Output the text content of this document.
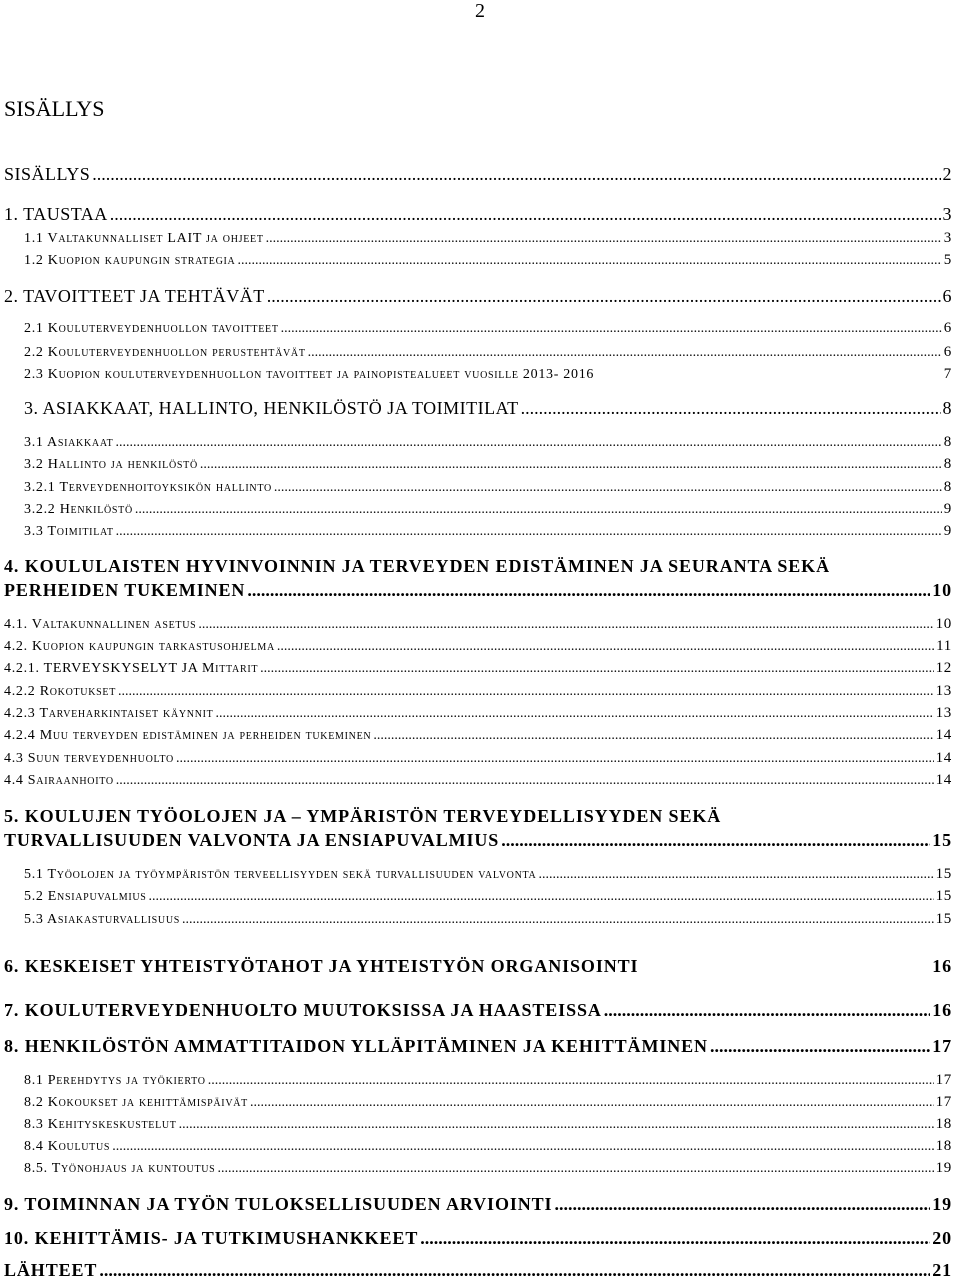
2
SISÄLLYS
SISÄLLYS .....	2
1. TAUSTAA .....	3
1.1 Valtakunnalliset LAIT ja ohjeet .....	3
1.2 Kuopion kaupungin strategia .....	5
2. TAVOITTEET JA TEHTÄVÄT .....	6
2.1 Kouluterveydenhuollon tavoitteet .....	6
2.2 Kouluterveydenhuollon perustehtävät .....	6
2.3 Kuopion kouluterveydenhuollon tavoitteet ja painopistealueet vuosille 2013- 2016	7
3. ASIAKKAAT, HALLINTO, HENKILÖSTÖ JA TOIMITILAT .....	8
3.1 Asiakkaat .....	8
3.2 Hallinto ja henkilöstö .....	8
3.2.1 Terveydenhoitoyksikön hallinto .....	8
3.2.2 Henkilöstö .....	9
3.3 Toimitilat .....	9
4. KOULULAISTEN HYVINVOINNIN JA TERVEYDEN EDISTÄMINEN JA SEURANTA SEKÄ
PERHEIDEN TUKEMINEN .....	10
4.1. Valtakunnallinen asetus .....	10
4.2. Kuopion kaupungin tarkastusohjelma .....	11
4.2.1. TERVEYSKYSELYT JA Mittarit .....	12
4.2.2 Rokotukset .....	13
4.2.3 Tarveharkintaiset käynnit .....	13
4.2.4 Muu terveyden edistäminen ja perheiden tukeminen .....	14
4.3 Suun terveydenhuolto .....	14
4.4 Sairaanhoito .....	14
5. KOULUJEN TYÖOLOJEN JA – YMPÄRISTÖN TERVEYDELLISYYDEN SEKÄ
TURVALLISUUDEN VALVONTA JA ENSIAPUVALMIUS .....	15
5.1 Työolojen ja työympäristön terveellisyyden sekä turvallisuuden valvonta .....	15
5.2 Ensiapuvalmius .....	15
5.3 Asiakasturvallisuus .....	15
6. KESKEISET YHTEISTYÖTAHOT JA YHTEISTYÖN ORGANISOINTI	16
7. KOULUTERVEYDENHUOLTO MUUTOKSISSA JA HAASTEISSA .....	16
8. HENKILÖSTÖN AMMATTITAIDON YLLÄPITÄMINEN JA KEHITTÄMINEN .....	17
8.1 Perehdytys ja työkierto .....	17
8.2 Kokoukset ja kehittämispäivät .....	17
8.3 Kehityskeskustelut .....	18
8.4 Koulutus .....	18
8.5. Työnohjaus ja kuntoutus .....	19
9. TOIMINNAN JA TYÖN TULOKSELLISUUDEN ARVIOINTI .....	19
10. KEHITTÄMIS- JA TUTKIMUSHANKKEET .....	20
LÄHTEET .....	21
